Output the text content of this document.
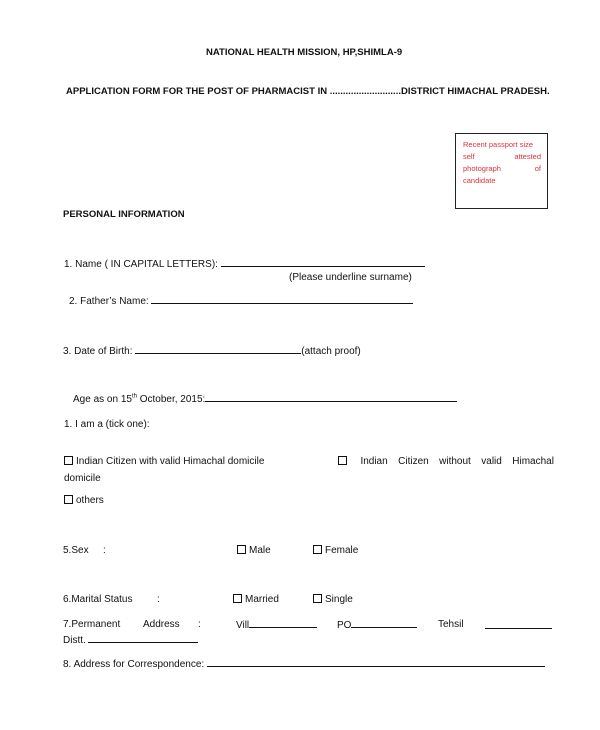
NATIONAL HEALTH MISSION, HP,SHIMLA-9
APPLICATION FORM FOR THE POST OF PHARMACIST IN ...........................DISTRICT HIMACHAL PRADESH.
Recent passport size
self	attested
photograph	of
candidate
PERSONAL INFORMATION
1. Name ( IN CAPITAL LETTERS):
(Please underline surname)
2. Father’s Name:
3. Date of Birth:	(attach proof)
Age as on 15th October, 2015:
1. I am a (tick one):
Indian Citizen with valid Himachal domicile	Indian Citizen without valid Himachal
domicile
others
5.Sex :	Male	Female
6.Marital Status :	Married	Single
7.Permanent Address :	Vill	PO	Tehsil
Distt.
8. Address for Correspondence:
